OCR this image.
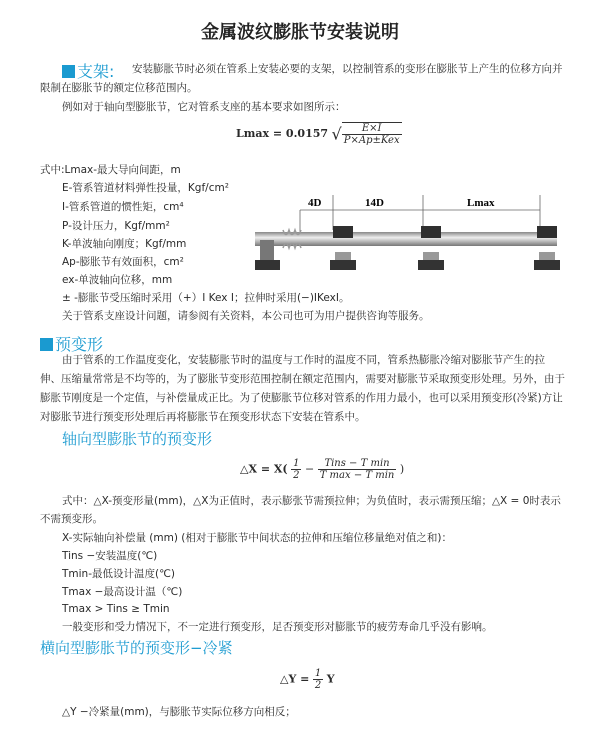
金属波纹膨胀节安装说明
支架: 安装膨胀节时必须在管系上安装必要的支架，以控制管系的变形在膨胀节上产生的位移方向并
限制在膨胀节的额定位移范围内。
例如对于轴向型膨胀节，它对管系支座的基本要求如图所示：
Lmax = 0.0157 √ $\frac{E\times I}{\text{P×Ap±Kex}}$
式中:Lmax-最大导向间距，m
E-管系管道材料弹性投量，Kgf/cm²
I-管系管道的惯性矩，cm⁴
P-设计压力，Kgf/mm²
K-单波轴向刚度；Kgf/mm
Ap-膨胀节有效面积，cm²
ex-单波轴向位移，mm
± -膨胀节受压缩时采用（+）I Kex I；拉伸时采用(−)IKexI。
关于管系支座设计问题，请参阅有关资料，本公司也可为用户提供咨询等服务。
4D	14D	Lmax
预变形
由于管系的工作温度变化，安装膨胀节时的温度与工作时的温度不同，管系热膨胀冷缩对膨胀节产生的拉伸、压缩量常常是不均等的，为了膨胀节变形范围控制在额定范围内，需要对膨胀节采取预变形处理。另外，由于膨胀节刚度是一个定值，与补偿量成正比。为了使膨胀节位移对管系的作用力最小，也可以采用预变形(冷紧)方让对膨胀节进行预变形处理后再将膨胀节在预变形状态下安装在管系中。
轴向型膨胀节的预变形
△X = $X( \frac{1}{2} - \frac{\text{Tins − T min}}{\text{T max − T min}}$ )
式中：△X-预变形量(mm)，△X为正值时，表示膨张节需预拉伸；为负值时，表示需预压缩；△X = 0时表示不需预变形。
X-实际轴向补偿量 (mm) (相对于膨胀节中间状态的拉伸和压缩位移量绝对值之和)：
Tins −安装温度(℃)
Tmin-最低设计温度(℃)
Tmax −最高设计温（℃)
Tmax > Tins ≥ Tmin
一般变形和受力情况下，不一定进行预变形，足否预变形对膨胀节的疲劳寿命几乎没有影响。
横向型膨胀节的预变形−冷紧
△Y = $\frac{1}{2}$ Y
△Y −冷紧量(mm)，与膨胀节实际位移方向相反；
